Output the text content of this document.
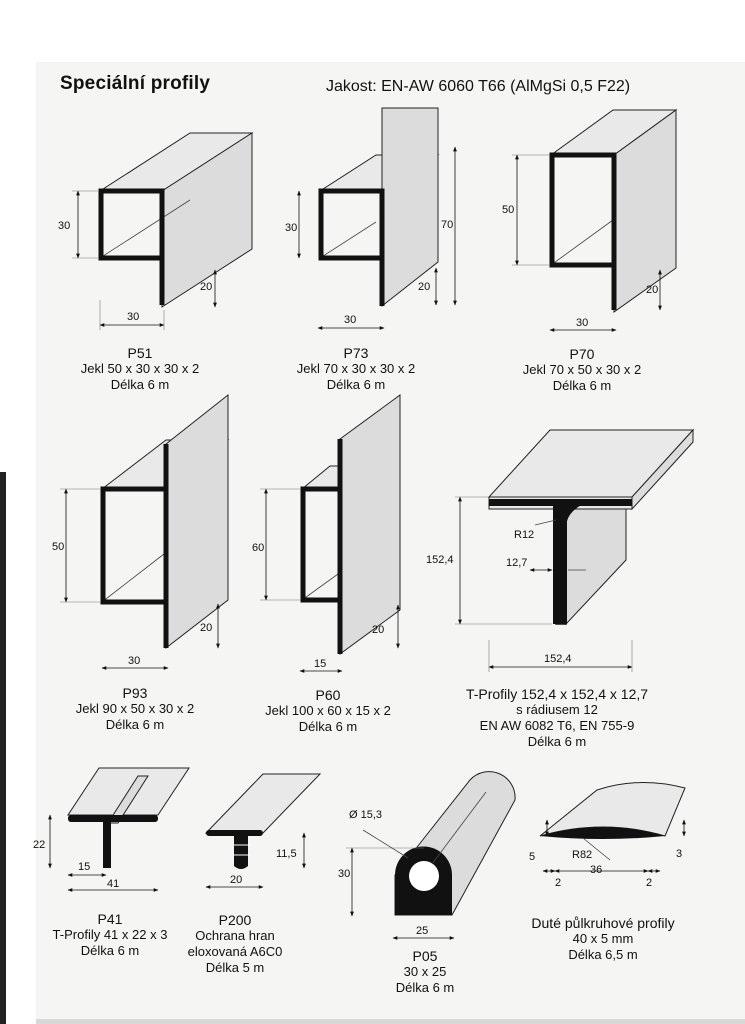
Speciální profily	Jakost: EN-AW 6060 T66 (AlMgSi 0,5 F22)
30
20
30
30	70
20
30
50
20
30
50
20
30
60
20
15
R12
12,7
152,4
152,4
22
15
41
11,5
20
Ø 15,3
30
25
5	R82	3
2
36
2
P51
Jekl 50 x 30 x 30 x 2
Délka 6 m
P73
Jekl 70 x 30 x 30 x 2
Délka 6 m
P70
Jekl 70 x 50 x 30 x 2
Délka 6 m
P93
Jekl 90 x 50 x 30 x 2
Délka 6 m
P60
Jekl 100 x 60 x 15 x 2
Délka 6 m
T-Profily 152,4 x 152,4 x 12,7
s rádiusem 12
EN AW 6082 T6, EN 755-9
Délka 6 m
P41
T-Profily 41 x 22 x 3
Délka 6 m
P200
Ochrana hran
eloxovaná A6C0
Délka 5 m
P05
30 x 25
Délka 6 m
Duté půlkruhové profily
40 x 5 mm
Délka 6,5 m
